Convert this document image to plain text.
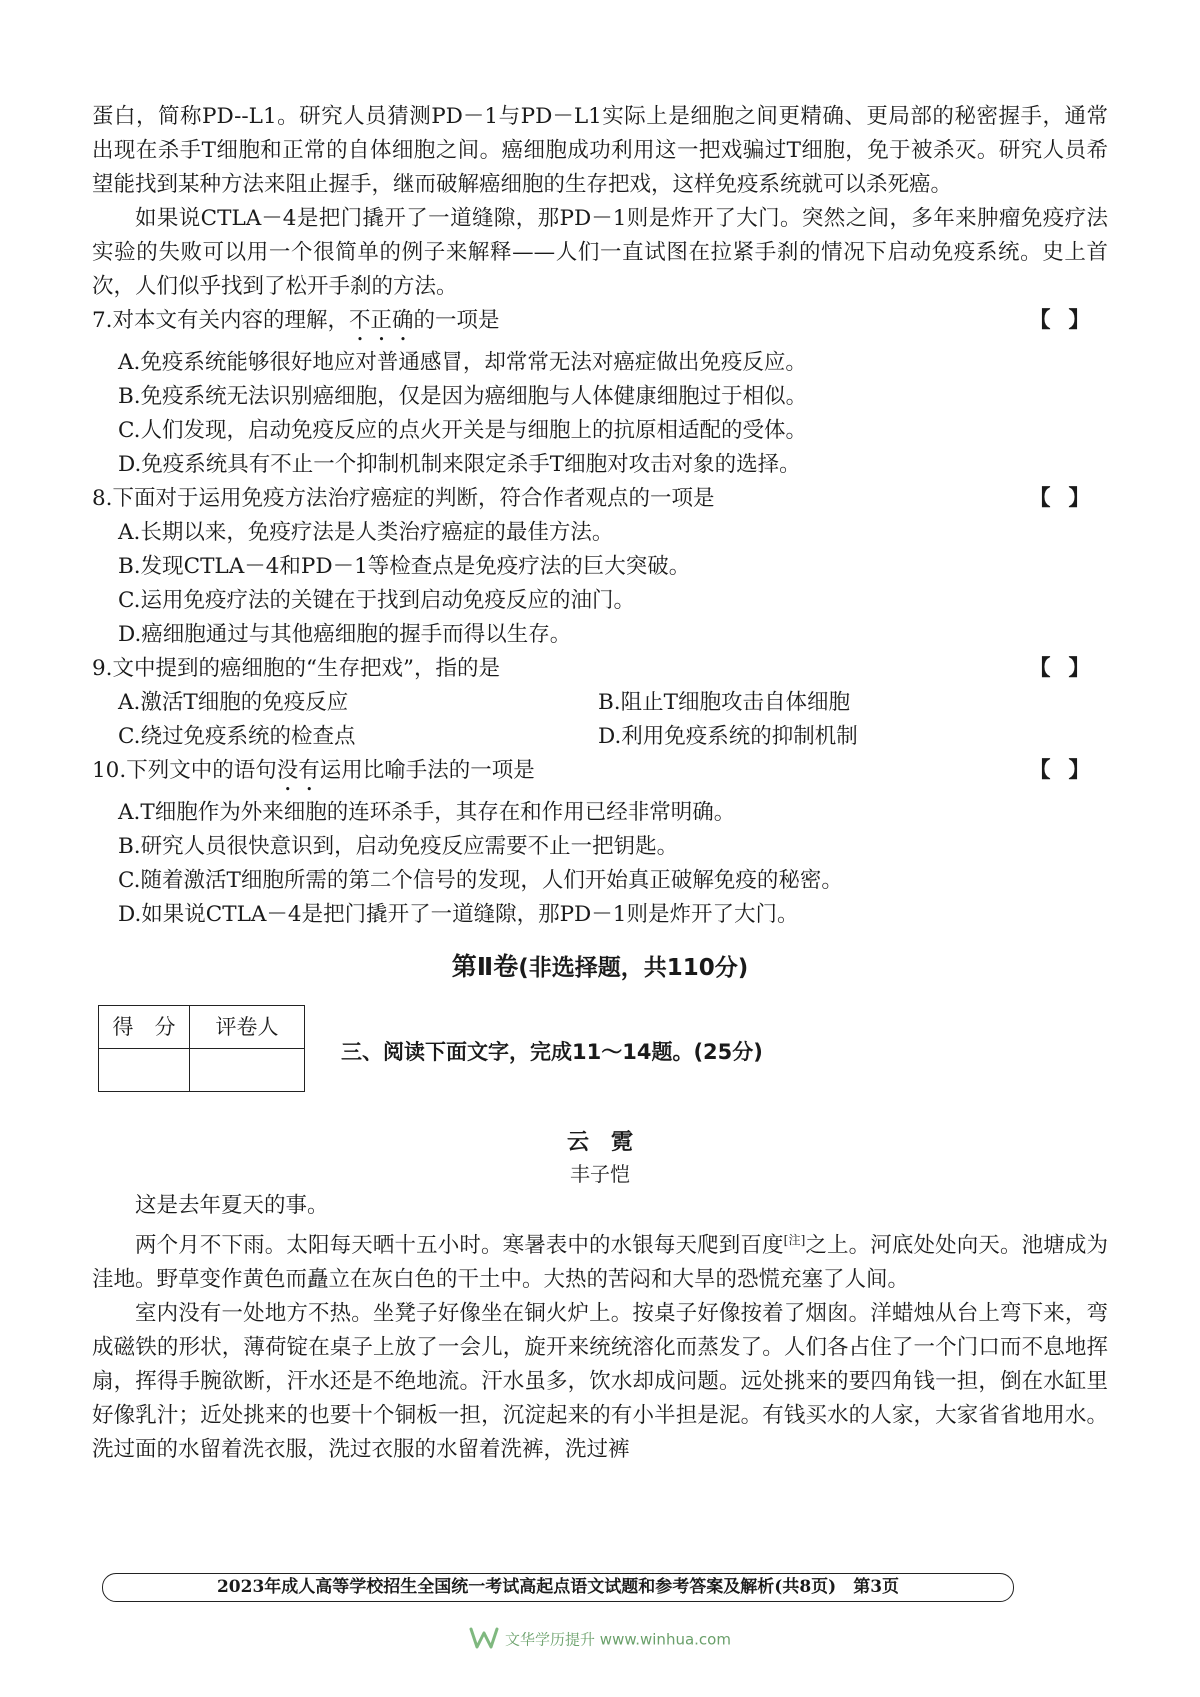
蛋白，简称PD--L1。研究人员猜测PD－1与PD－L1实际上是细胞之间更精确、更局部的秘密握手，通常出现在杀手T细胞和正常的自体细胞之间。癌细胞成功利用这一把戏骗过T细胞，免于被杀灭。研究人员希望能找到某种方法来阻止握手，继而破解癌细胞的生存把戏，这样免疫系统就可以杀死癌。

如果说CTLA－4是把门撬开了一道缝隙，那PD－1则是炸开了大门。突然之间，多年来肿瘤免疫疗法实验的失败可以用一个很简单的例子来解释——人们一直试图在拉紧手刹的情况下启动免疫系统。史上首次，人们似乎找到了松开手刹的方法。

7.对本文有关内容的理解，不正确的一项是	【】

A.免疫系统能够很好地应对普通感冒，却常常无法对癌症做出免疫反应。

B.免疫系统无法识别癌细胞，仅是因为癌细胞与人体健康细胞过于相似。

C.人们发现，启动免疫反应的点火开关是与细胞上的抗原相适配的受体。

D.免疫系统具有不止一个抑制机制来限定杀手T细胞对攻击对象的选择。

8.下面对于运用免疫方法治疗癌症的判断，符合作者观点的一项是	【】

A.长期以来，免疫疗法是人类治疗癌症的最佳方法。

B.发现CTLA－4和PD－1等检查点是免疫疗法的巨大突破。

C.运用免疫疗法的关键在于找到启动免疫反应的油门。

D.癌细胞通过与其他癌细胞的握手而得以生存。

9.文中提到的癌细胞的“生存把戏”，指的是	【】
A.激活T细胞的免疫反应	B.阻止T细胞攻击自体细胞
C.绕过免疫系统的检查点	D.利用免疫系统的抑制机制
10.下列文中的语句没有运用比喻手法的一项是	【】

A.T细胞作为外来细胞的连环杀手，其存在和作用已经非常明确。

B.研究人员很快意识到，启动免疫反应需要不止一把钥匙。

C.随着激活T细胞所需的第二个信号的发现，人们开始真正破解免疫的秘密。

D.如果说CTLA－4是把门撬开了一道缝隙，那PD－1则是炸开了大门。

第Ⅱ卷(非选择题，共110分)
得　分	评卷人

三、阅读下面文字，完成11～14题。(25分)
云　霓
丰子恺

这是去年夏天的事。

两个月不下雨。太阳每天晒十五小时。寒暑表中的水银每天爬到百度[注]之上。河底处处向天。池塘成为洼地。野草变作黄色而矗立在灰白色的干土中。大热的苦闷和大旱的恐慌充塞了人间。

室内没有一处地方不热。坐凳子好像坐在铜火炉上。按桌子好像按着了烟囱。洋蜡烛从台上弯下来，弯成磁铁的形状，薄荷锭在桌子上放了一会儿，旋开来统统溶化而蒸发了。人们各占住了一个门口而不息地挥扇，挥得手腕欲断，汗水还是不绝地流。汗水虽多，饮水却成问题。远处挑来的要四角钱一担，倒在水缸里好像乳汁；近处挑来的也要十个铜板一担，沉淀起来的有小半担是泥。有钱买水的人家，大家省省地用水。洗过面的水留着洗衣服，洗过衣服的水留着洗裤，洗过裤

2023年成人高等学校招生全国统一考试高起点语文试题和参考答案及解析(共8页)　第3页
文华学历提升 www.winhua.com
